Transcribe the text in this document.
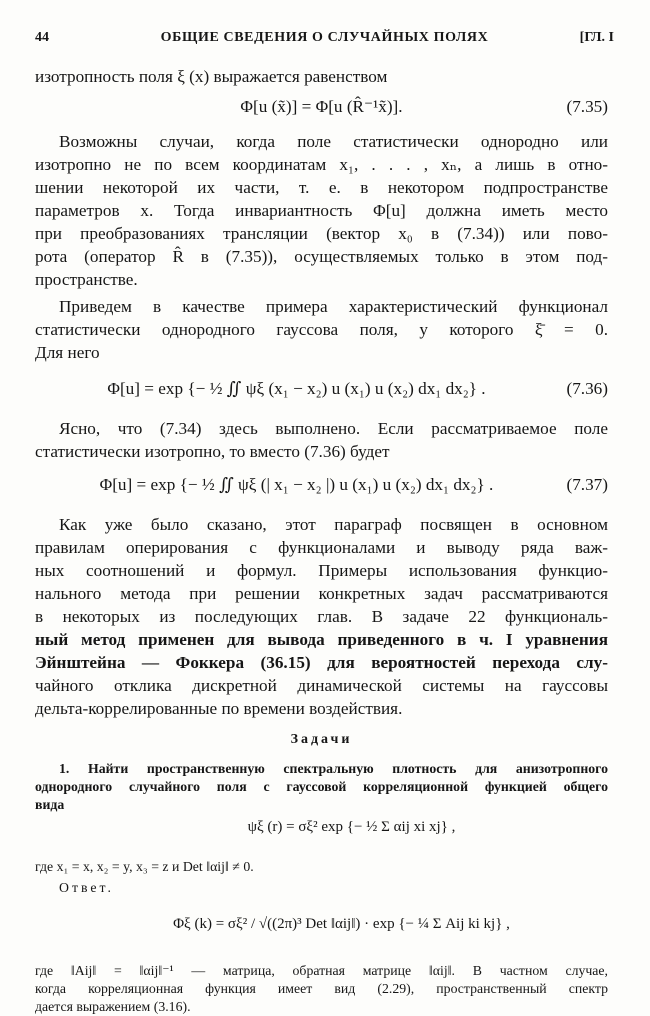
44	ОБЩИЕ СВЕДЕНИЯ О СЛУЧАЙНЫХ ПОЛЯХ	[ГЛ. I
изотропность поля ξ (x) выражается равенством
Φ[u (x̃)] = Φ[u (R̂⁻¹x̃)].	(7.35)
Возможны случаи, когда поле статистически однородно или
изотропно не по всем координатам x₁, . . . , xₙ, а лишь в отно-
шении некоторой их части, т. е. в некотором подпространстве
параметров x. Тогда инвариантность Φ[u] должна иметь место
при преобразованиях трансляции (вектор x₀ в (7.34)) или пово-
рота (оператор R̂ в (7.35)), осуществляемых только в этом под-
пространстве.
Приведем в качестве примера характеристический функционал
статистически однородного гауссова поля, у которого ξ̄ = 0.
Для него
Φ[u] = exp {− ½ ∬ ψξ (x₁ − x₂) u (x₁) u (x₂) dx₁ dx₂} .	(7.36)
Ясно, что (7.34) здесь выполнено. Если рассматриваемое поле
статистически изотропно, то вместо (7.36) будет
Φ[u] = exp {− ½ ∬ ψξ (| x₁ − x₂ |) u (x₁) u (x₂) dx₁ dx₂} .	(7.37)
Как уже было сказано, этот параграф посвящен в основном
правилам оперирования с функционалами и выводу ряда важ-
ных соотношений и формул. Примеры использования функцио-
нального метода при решении конкретных задач рассматриваются
в некоторых из последующих глав. В задаче 22 функциональ-
ный метод применен для вывода приведенного в ч. I уравнения
Эйнштейна — Фоккера (36.15) для вероятностей перехода слу-
чайного отклика дискретной динамической системы на гауссовы
дельта-коррелированные по времени воздействия.
Задачи
1. Найти пространственную спектральную плотность для анизотропного
однородного случайного поля с гауссовой корреляционной функцией общего
вида
ψξ (r) = σξ² exp {− ½ Σ αij xi xj} ,
где x₁ = x, x₂ = y, x₃ = z и Det ‖αij‖ ≠ 0.
Ответ.
Φξ (k) = σξ² / √((2π)³ Det ‖αij‖) · exp {− ¼ Σ Aij ki kj} ,
где ‖Aij‖ = ‖αij‖⁻¹ — матрица, обратная матрице ‖αij‖. В частном случае,
когда корреляционная функция имеет вид (2.29), пространственный спектр
дается выражением (3.16).
